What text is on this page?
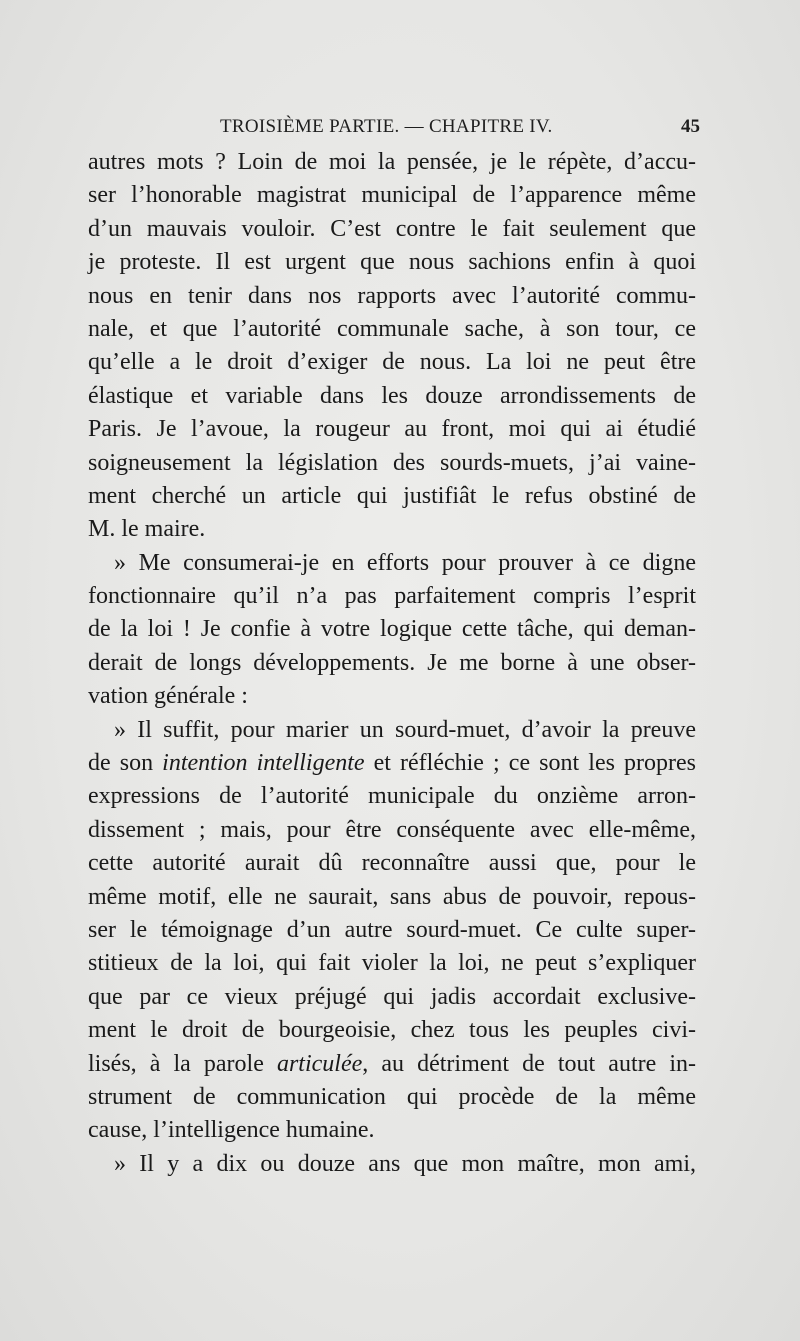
TROISIÈME PARTIE. — CHAPITRE IV.	45
autres mots ? Loin de moi la pensée, je le répète, d’accu-
ser l’honorable magistrat municipal de l’apparence même
d’un mauvais vouloir. C’est contre le fait seulement que
je proteste. Il est urgent que nous sachions enfin à quoi
nous en tenir dans nos rapports avec l’autorité commu-
nale, et que l’autorité communale sache, à son tour, ce
qu’elle a le droit d’exiger de nous. La loi ne peut être
élastique et variable dans les douze arrondissements de
Paris. Je l’avoue, la rougeur au front, moi qui ai étudié
soigneusement la législation des sourds-muets, j’ai vaine-
ment cherché un article qui justifiât le refus obstiné de
M. le maire.
» Me consumerai-je en efforts pour prouver à ce digne
fonctionnaire qu’il n’a pas parfaitement compris l’esprit
de la loi ! Je confie à votre logique cette tâche, qui deman-
derait de longs développements. Je me borne à une obser-
vation générale :
» Il suffit, pour marier un sourd-muet, d’avoir la preuve
de son intention intelligente et réfléchie ; ce sont les propres
expressions de l’autorité municipale du onzième arron-
dissement ; mais, pour être conséquente avec elle-même,
cette autorité aurait dû reconnaître aussi que, pour le
même motif, elle ne saurait, sans abus de pouvoir, repous-
ser le témoignage d’un autre sourd-muet. Ce culte super-
stitieux de la loi, qui fait violer la loi, ne peut s’expliquer
que par ce vieux préjugé qui jadis accordait exclusive-
ment le droit de bourgeoisie, chez tous les peuples civi-
lisés, à la parole articulée, au détriment de tout autre in-
strument de communication qui procède de la même
cause, l’intelligence humaine.
» Il y a dix ou douze ans que mon maître, mon ami,
